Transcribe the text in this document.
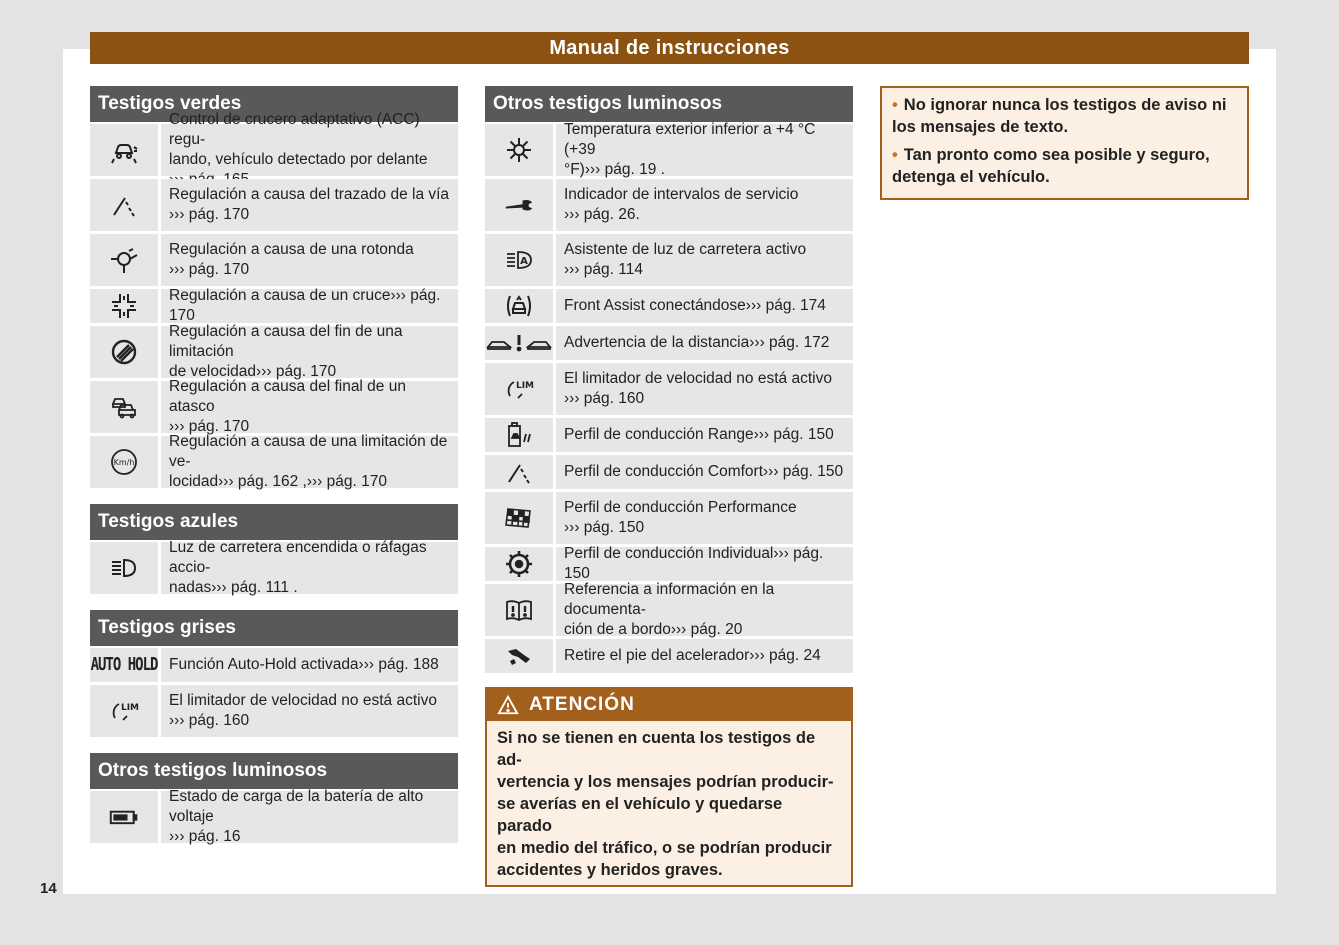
Manual de instrucciones
Testigos verdes
Control de crucero adaptativo (ACC) regu-
lando, vehículo detectado por delante
Regulación a causa del trazado de la vía
››› pág. 170
Regulación a causa de una rotonda
››› pág. 170
Regulación a causa de un cruce››› pág. 170
Regulación a causa del fin de una limitación
de velocidad››› pág. 170
Regulación a causa del final de un atasco
››› pág. 170
Km/h
Regulación a causa de una limitación de ve-
locidad››› pág. 162 ,››› pág. 170
Testigos azules
Luz de carretera encendida o ráfagas accio-
nadas››› pág. 111 .
Testigos grises
AUTO HOLD Función Auto-Hold activada››› pág. 188
LIM El limitador de velocidad no está activo
››› pág. 160
Otros testigos luminosos
Estado de carga de la batería de alto voltaje
››› pág. 16
Otros testigos luminosos
Temperatura exterior inferior a +4 °C (+39
°F)››› pág. 19 .
Indicador de intervalos de servicio
››› pág. 26.
A
Asistente de luz de carretera activo
››› pág. 114
Front Assist conectándose››› pág. 174
Advertencia de la distancia››› pág. 172
LIM El limitador de velocidad no está activo
››› pág. 160
Perfil de conducción Range››› pág. 150
Perfil de conducción Comfort››› pág. 150
Perfil de conducción Performance
››› pág. 150
Perfil de conducción Individual››› pág. 150
Referencia a información en la documenta-
ción de a bordo››› pág. 20
Retire el pie del acelerador››› pág. 24
ATENCIÓN
Si no se tienen en cuenta los testigos de ad-
vertencia y los mensajes podrían producir-
se averías en el vehículo y quedarse parado
en medio del tráfico, o se podrían producir
accidentes y heridos graves.

• No ignorar nunca los testigos de aviso ni
los mensajes de texto.

• Tan pronto como sea posible y seguro,
detenga el vehículo.

14
